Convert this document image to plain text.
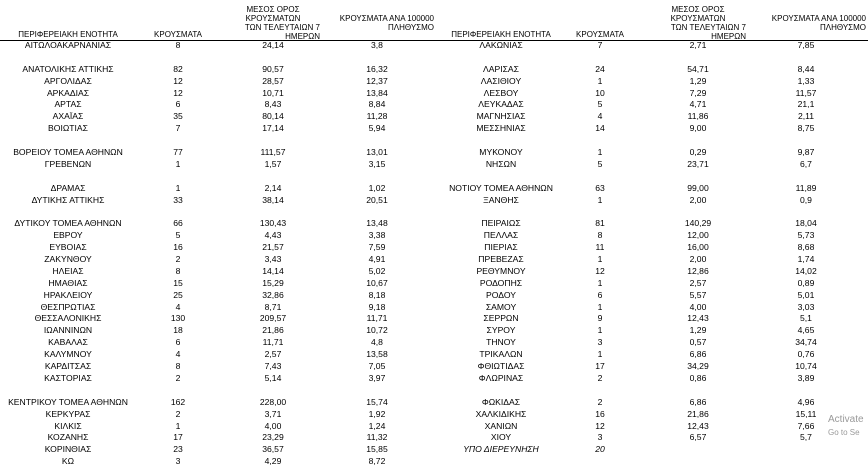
ΠΕΡΙΦΕΡΕΙΑΚΗ ΕΝΟΤΗΤΑ	ΚΡΟΥΣΜΑΤΑ
ΜΕΣΟΣ ΟΡΟΣ ΚΡΟΥΣΜΑΤΩΝ
ΤΩΝ ΤΕΛΕΥΤΑΙΩΝ 7
ΗΜΕΡΩΝ
ΚΡΟΥΣΜΑΤΑ ΑΝΑ 100000
ΠΛΗΘΥΣΜΟ
ΑΙΤΩΛΟΑΚΑΡΝΑΝΙΑΣ	8	24,14	3,8
ΑΝΑΤΟΛΙΚΗΣ ΑΤΤΙΚΗΣ	82	90,57	16,32
ΑΡΓΟΛΙΔΑΣ	12	28,57	12,37
ΑΡΚΑΔΙΑΣ	12	10,71	13,84
ΑΡΤΑΣ	6	8,43	8,84
ΑΧΑΪΑΣ	35	80,14	11,28
ΒΟΙΩΤΙΑΣ	7	17,14	5,94
ΒΟΡΕΙΟΥ ΤΟΜΕΑ ΑΘΗΝΩΝ	77	111,57	13,01
ΓΡΕΒΕΝΩΝ	1	1,57	3,15
ΔΡΑΜΑΣ	1	2,14	1,02
ΔΥΤΙΚΗΣ ΑΤΤΙΚΗΣ	33	38,14	20,51
ΔΥΤΙΚΟΥ ΤΟΜΕΑ ΑΘΗΝΩΝ	66	130,43	13,48
ΕΒΡΟΥ	5	4,43	3,38
ΕΥΒΟΙΑΣ	16	21,57	7,59
ΖΑΚΥΝΘΟΥ	2	3,43	4,91
ΗΛΕΙΑΣ	8	14,14	5,02
ΗΜΑΘΙΑΣ	15	15,29	10,67
ΗΡΑΚΛΕΙΟΥ	25	32,86	8,18
ΘΕΣΠΡΩΤΙΑΣ	4	8,71	9,18
ΘΕΣΣΑΛΟΝΙΚΗΣ	130	209,57	11,71
ΙΩΑΝΝΙΝΩΝ	18	21,86	10,72
ΚΑΒΑΛΑΣ	6	11,71	4,8
ΚΑΛΥΜΝΟΥ	4	2,57	13,58
ΚΑΡΔΙΤΣΑΣ	8	7,43	7,05
ΚΑΣΤΟΡΙΑΣ	2	5,14	3,97
ΚΕΝΤΡΙΚΟΥ ΤΟΜΕΑ ΑΘΗΝΩΝ	162	228,00	15,74
ΚΕΡΚΥΡΑΣ	2	3,71	1,92
ΚΙΛΚΙΣ	1	4,00	1,24
ΚΟΖΑΝΗΣ	17	23,29	11,32
ΚΟΡΙΝΘΙΑΣ	23	36,57	15,85
ΚΩ	3	4,29	8,72
ΠΕΡΙΦΕΡΕΙΑΚΗ ΕΝΟΤΗΤΑ	ΚΡΟΥΣΜΑΤΑ
ΜΕΣΟΣ ΟΡΟΣ ΚΡΟΥΣΜΑΤΩΝ
ΤΩΝ ΤΕΛΕΥΤΑΙΩΝ 7
ΗΜΕΡΩΝ
ΚΡΟΥΣΜΑΤΑ ΑΝΑ 100000
ΠΛΗΘΥΣΜΟ
ΛΑΚΩΝΙΑΣ	7	2,71	7,85
ΛΑΡΙΣΑΣ	24	54,71	8,44
ΛΑΣΙΘΙΟΥ	1	1,29	1,33
ΛΕΣΒΟΥ	10	7,29	11,57
ΛΕΥΚΑΔΑΣ	5	4,71	21,1
ΜΑΓΝΗΣΙΑΣ	4	11,86	2,11
ΜΕΣΣΗΝΙΑΣ	14	9,00	8,75
ΜΥΚΟΝΟΥ	1	0,29	9,87
ΝΗΣΩΝ	5	23,71	6,7
ΝΟΤΙΟΥ ΤΟΜΕΑ ΑΘΗΝΩΝ	63	99,00	11,89
ΞΑΝΘΗΣ	1	2,00	0,9
ΠΕΙΡΑΙΩΣ	81	140,29	18,04
ΠΕΛΛΑΣ	8	12,00	5,73
ΠΙΕΡΙΑΣ	11	16,00	8,68
ΠΡΕΒΕΖΑΣ	1	2,00	1,74
ΡΕΘΥΜΝΟΥ	12	12,86	14,02
ΡΟΔΟΠΗΣ	1	2,57	0,89
ΡΟΔΟΥ	6	5,57	5,01
ΣΑΜΟΥ	1	4,00	3,03
ΣΕΡΡΩΝ	9	12,43	5,1
ΣΥΡΟΥ	1	1,29	4,65
ΤΗΝΟΥ	3	0,57	34,74
ΤΡΙΚΑΛΩΝ	1	6,86	0,76
ΦΘΙΩΤΙΔΑΣ	17	34,29	10,74
ΦΛΩΡΙΝΑΣ	2	0,86	3,89
ΦΩΚΙΔΑΣ	2	6,86	4,96
ΧΑΛΚΙΔΙΚΗΣ	16	21,86	15,11
ΧΑΝΙΩΝ	12	12,43	7,66
ΧΙΟΥ	3	6,57	5,7
ΥΠΟ ΔΙΕΡΕΥΝΗΣΗ	20
Activate
Go to Se
